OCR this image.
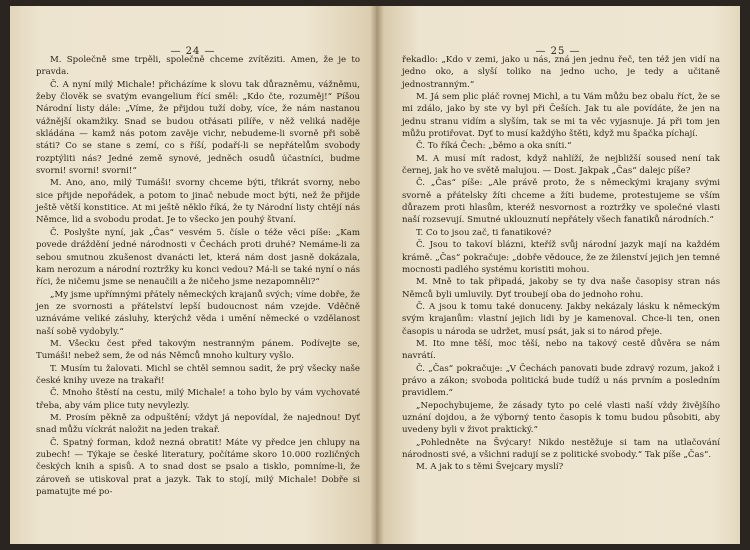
— 24 —

M. Společně sme trpěli, společně chceme zvítěziti. Amen, že je to pravda.

Č. A nyní milý Michale! přicházíme k slovu tak důrazněmu, vážněmu, žeby člověk se svatým evangelium řící směl: „Kdo čte, rozuměj!“ Píšou Národní listy dále: „Víme, že přijdou tuží doby, více, že nám nastanou vážnější okamžiky. Snad se budou otřásati pilíře, v něž veliká naděje skládána — kamž nás potom zavěje vichr, nebudeme-li svorně při sobě státi? Co se stane s zemí, co s říší, podaří-li se nepřátelům svobody rozptýliti nás? Jedné země synové, jedněch osudů účastníci, budme svorni! svorni! svorni!“

M. Ano, ano, milý Tumáši! svorny chceme býti, třikrát svorny, nebo sice přijde nepořádek, a potom to jinač nebude moct býti, než že přijde ještě větší konstitice. At mi ještě něklo říká, že ty Národní listy chtějí nás Němce, lid a svobodu prodat. Je to všecko jen pouhý štvaní.

Č. Poslyšte nyní, jak „Čas“ vesvém 5. čísle o téže věci píše: „Kam povede dráždění jedné národnosti v Čechách proti druhé? Nemáme-li za sebou smutnou zkušenost dvanácti let, která nám dost jasně dokázala, kam nerozum a národní roztržky ku konci vedou? Má-li se také nyní o nás říci, že ničemu jsme se nenaučili a že ničeho jsme nezapomněli?“

„My jsme upřímnými přátely německých krajanů svých; víme dobře, že jen ze svornosti a přátelství lepší budoucnost nám vzejde. Vděčně uznáváme veliké zásluhy, kterýchž věda i umění německé o vzdělanost naší sobě vydobyly.“

M. Všecku čest před takovým nestranným pánem. Podívejte se, Tumáši! nebež sem, že od nás Němců mnoho kultury vyšlo.

T. Musím tu žalovati. Michl se chtěl semnou sadit, že prý všecky naše české knihy uveze na trakaři!

Č. Mnoho štěstí na cestu, milý Michale! a toho bylo by vám vychovaté třeba, aby vám plice tuty nevylezly.

M. Prosím pěkně za odpuštění; vždyt já nepovídal, že najednou! Dyť snad můžu víckrát naložit na jeden trakař.

Č. Spatný forman, kdož nezná obratit! Máte vy předce jen chlupy na zubech! — Týkaje se české literatury, počítáme skoro 10.000 rozličných českých knih a spisů. A to snad dost se psalo a tisklo, pomníme-li, že zároveň se utiskoval prat a jazyk. Tak to stojí, milý Michale! Dobře si pamatujte mé po-

— 25 —

řekadlo: „Kdo v zemi, jako u nás, zná jen jednu řeč, ten též jen vidí na jedno oko, a slyší toliko na jedno ucho, je tedy a učitaně jednostranným.“

M. Já sem plic pláč rovnej Michl, a tu Vám můžu bez obalu říct, že se mi zdálo, jako by ste vy byl při Češích. Jak tu ale povídáte, že jen na jednu stranu vidím a slyším, tak se mi ta věc vyjasnuje. Já při tom jen můžu protiřovat. Dyť to musí každýho štěti, když mu špačka píchají.

Č. To říká Čech: „běmo a oka sníti.“

M. A musí mít radost, když nahlíží, že nejbližší soused není tak černej, jak ho ve světě malujou. — Dost. Jakpak „Čas“ dalejc píše?

Č. „Čas“ píše: „Ale právě proto, že s německými krajany svými svorně a přátelsky žíti chceme a žíti budeme, protestujeme se vším důrazem proti hlasům, kteréž nesvornost a roztržky ve společné vlasti naší rozsevují. Smutné uklouznutí nepřátely všech fanatiků národních.“

T. Co to jsou zač, ti fanatikové?

Č. Jsou to takoví blázni, kteříž svůj národní jazyk mají na každém krámě. „Čas“ pokračuje: „dobře vědouce, že ze žilenství jejich jen temné mocnosti padlého systému koristiti mohou.

M. Mně to tak připadá, jakoby se ty dva naše časopisy stran nás Němců byli umluvily. Dyť troubejí oba do jednoho rohu.

Č. A jsou k tomu také donuceny. Jakby nekázaly lásku k německým svým krajanům: vlastní jejich lidi by je kamenoval. Chce-li ten, onen časopis u národa se udržet, musí psát, jak si to národ přeje.

M. Ito mne těší, moc těší, nebo na takový cestě důvěra se nám navrátí.

Č. „Čas“ pokračuje: „V Čechách panovati bude zdravý rozum, jakož i právo a zákon; svoboda politická bude tudíž u nás prvním a posledním pravidlem.“

„Nepochybujeme, že zásady tyto po celé vlasti naší vždy živějšího uznání dojdou, a že výborný tento časopis k tomu budou působiti, aby uvedeny byli v život praktický.“

„Pohledněte na Švýcary! Nikdo nestěžuje si tam na utlačování národnosti své, a všichni radují se z politické svobody.“ Tak píše „Čas“.

M. A jak to s těmi Švejcary myslí?
